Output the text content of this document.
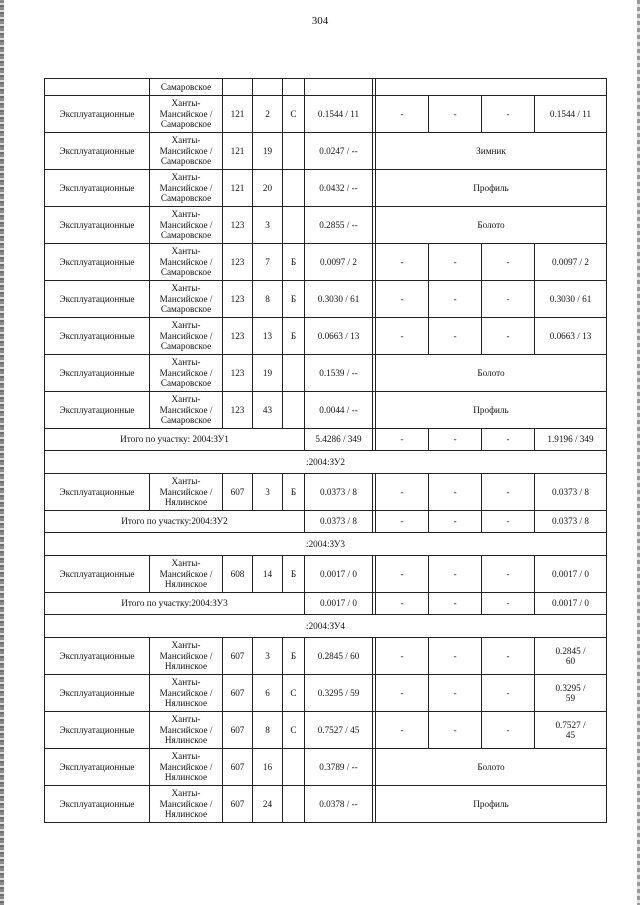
304
	Самаровское									
Эксплуатационные	Ханты-
Мансийское /
Самаровское	121	2	С	0.1544 / 11		-	-	-	0.1544 / 11
Эксплуатационные	Ханты-
Мансийское /
Самаровское	121	19		0.0247 / --		Зимник			
Эксплуатационные	Ханты-
Мансийское /
Самаровское	121	20		0.0432 / --		Профиль			
Эксплуатационные	Ханты-
Мансийское /
Самаровское	123	3		0.2855 / --		Болото			
Эксплуатационные	Ханты-
Мансийское /
Самаровское	123	7	Б	0.0097 / 2		-	-	-	0.0097 / 2
Эксплуатационные	Ханты-
Мансийское /
Самаровское	123	8	Б	0.3030 / 61		-	-	-	0.3030 / 61
Эксплуатационные	Ханты-
Мансийское /
Самаровское	123	13	Б	0.0663 / 13		-	-	-	0.0663 / 13
Эксплуатационные	Ханты-
Мансийское /
Самаровское	123	19		0.1539 / --		Болото			
Эксплуатационные	Ханты-
Мансийское /
Самаровское	123	43		0.0044 / --		Профиль			
Итого по участку: 2004:ЗУ1					5.4286 / 349		-	-	-	1.9196 / 349
:2004:ЗУ2										
Эксплуатационные	Ханты-
Мансийское /
Нялинское	607	3	Б	0.0373 / 8		-	-	-	0.0373 / 8
Итого по участку:2004:ЗУ2					0.0373 / 8		-	-	-	0.0373 / 8
:2004:ЗУ3										
Эксплуатационные	Ханты-
Мансийское /
Нялинское	608	14	Б	0.0017 / 0		-	-	-	0.0017 / 0
Итого по участку:2004:ЗУ3					0.0017 / 0		-	-	-	0.0017 / 0
:2004:ЗУ4										
Эксплуатационные	Ханты-
Мансийское /
Нялинское	607	3	Б	0.2845 / 60		-	-	-	0.2845 /
60

Эксплуатационные	Ханты-
Мансийское /
Нялинское	607	6	С	0.3295 / 59		-	-	-	0.3295 /
59

Эксплуатационные	Ханты-
Мансийское /
Нялинское	607	8	С	0.7527 / 45		-	-	-	0.7527 /
45

Эксплуатационные	Ханты-
Мансийское /
Нялинское	607	16		0.3789 / --		Болото			
Эксплуатационные	Ханты-
Мансийское /
Нялинское	607	24		0.0378 / --		Профиль			
